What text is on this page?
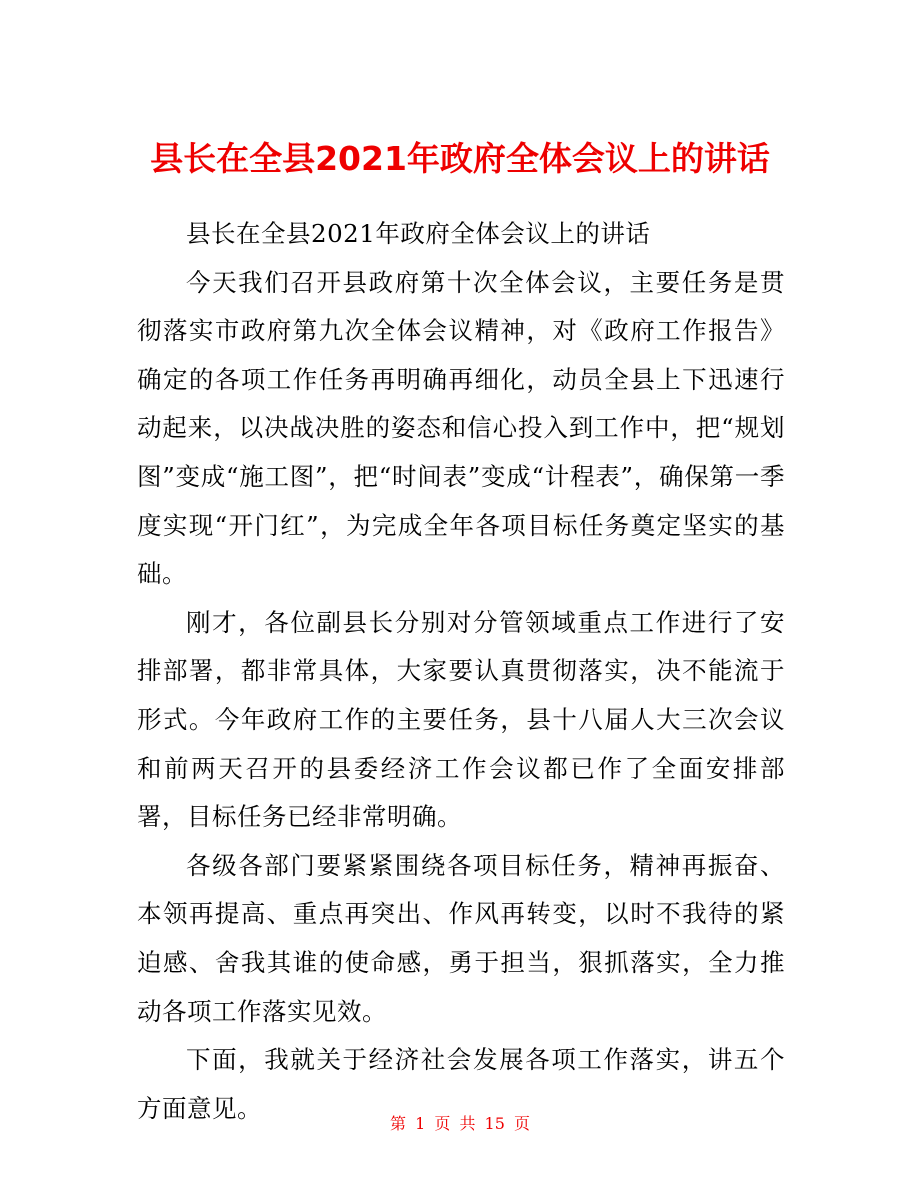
县长在全县2021年政府全体会议上的讲话

县长在全县2021年政府全体会议上的讲话

今天我们召开县政府第十次全体会议，主要任务是贯彻落实市政府第九次全体会议精神，对《政府工作报告》确定的各项工作任务再明确再细化，动员全县上下迅速行动起来，以决战决胜的姿态和信心投入到工作中，把“规划图”变成“施工图”，把“时间表”变成“计程表”，确保第一季度实现“开门红”，为完成全年各项目标任务奠定坚实的基础。

刚才，各位副县长分别对分管领域重点工作进行了安排部署，都非常具体，大家要认真贯彻落实，决不能流于形式。今年政府工作的主要任务，县十八届人大三次会议和前两天召开的县委经济工作会议都已作了全面安排部署，目标任务已经非常明确。

各级各部门要紧紧围绕各项目标任务，精神再振奋、本领再提高、重点再突出、作风再转变，以时不我待的紧迫感、舍我其谁的使命感，勇于担当，狠抓落实，全力推动各项工作落实见效。

下面，我就关于经济社会发展各项工作落实，讲五个方面意见。

第 1 页 共 15 页
